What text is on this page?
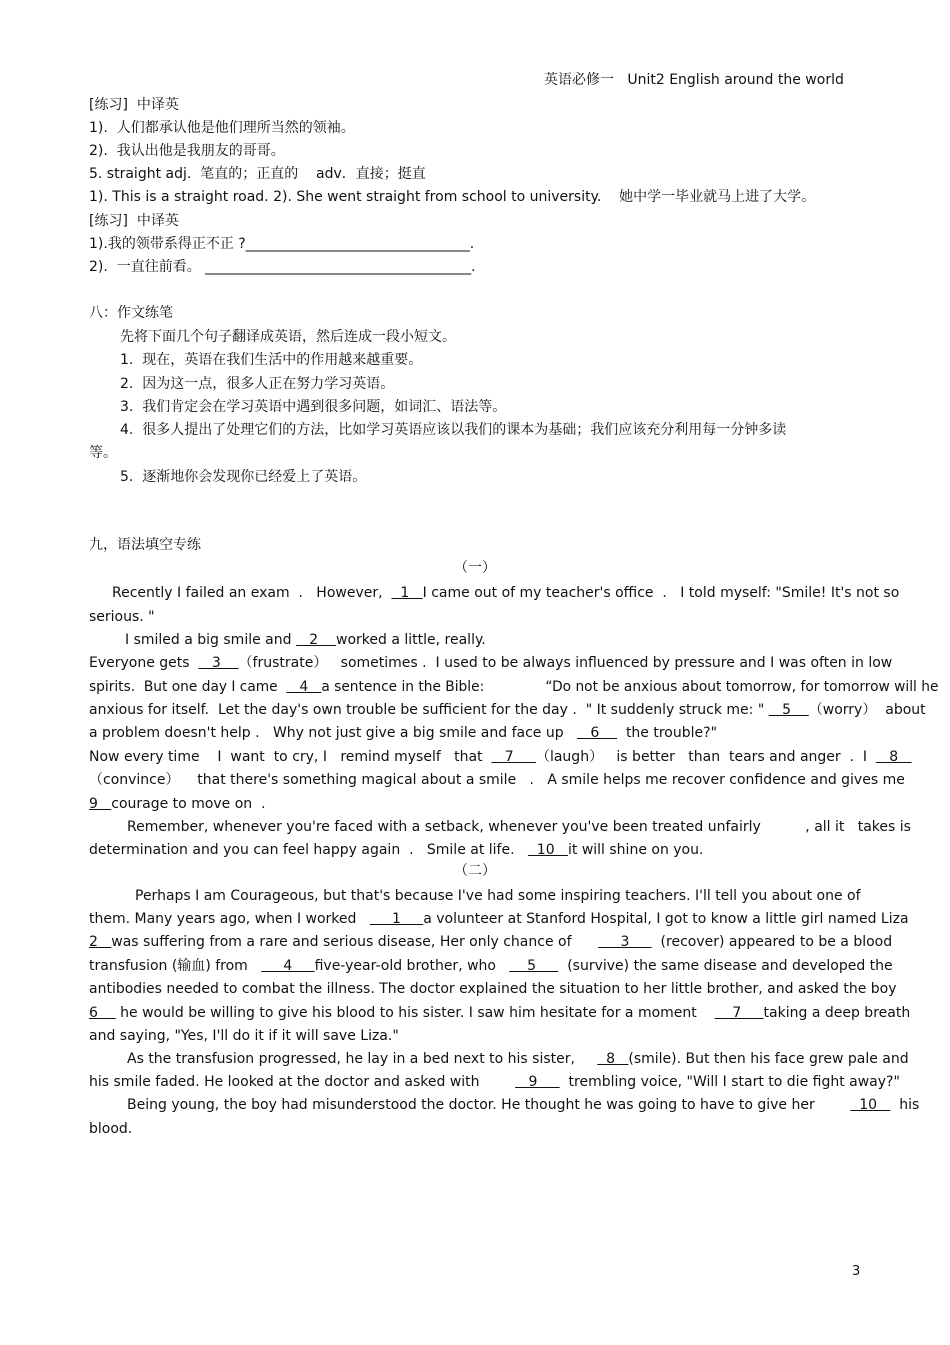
英语必修一   Unit2 English around the world
[练习]  中译英
1).  人们都承认他是他们理所当然的领袖。
2).  我认出他是我朋友的哥哥。
5. straight adj.  笔直的；正直的    adv．直接；挺直
1). This is a straight road. 2). She went straight from school to university.    她中学一毕业就马上进了大学。
[练习]  中译英
1).我的领带系得正不正 ?________________________________.
2).  一直往前看。 ______________________________________.
八：作文练笔
先将下面几个句子翻译成英语，然后连成一段小短文。
1.  现在，英语在我们生活中的作用越来越重要。
2.  因为这一点，很多人正在努力学习英语。
3.  我们肯定会在学习英语中遇到很多问题，如词汇、语法等。
4.  很多人提出了处理它们的方法，比如学习英语应该以我们的课本为基础；我们应该充分利用每一分钟多读
等。
5.  逐渐地你会发现你已经爱上了英语。
九，语法填空专练
（一）
Recently I failed an exam  .   However,    1   I came out of my teacher's office  .   I told myself: "Smile! It's not so
serious. "
I smiled a big smile and    2    worked a little, really.
Everyone gets     3    （frustrate）   sometimes .  I used to be always influenced by pressure and I was often in low
spirits.  But one day I came     4   a sentence in the Bible:              “Do not be anxious about tomorrow, for tomorrow will he
anxious for itself.  Let the day's own trouble be sufficient for the day .  " It suddenly struck me: "    5    （worry）  about
a problem doesn't help .   Why not just give a big smile and face up      6      the trouble?"
Now every time    I  want  to cry, I   remind myself   that     7     （laugh）   is better   than  tears and anger  .  I     8
（convince）    that there's something magical about a smile   .   A smile helps me recover confidence and gives me
9   courage to move on  .
Remember, whenever you're faced with a setback, whenever you've been treated unfairly          , all it   takes is
determination and you can feel happy again  .   Smile at life.     10   it will shine on you.
（二）
Perhaps I am Courageous, but that's because I've had some inspiring teachers. I'll tell you about one of
them. Many years ago, when I worked        1     a volunteer at Stanford Hospital, I got to know a little girl named Liza
2   was suffering from a rare and serious disease, Her only chance of           3       (recover) appeared to be a blood
transfusion (输血) from        4     five-year-old brother, who       5       (survive) the same disease and developed the
antibodies needed to combat the illness. The doctor explained the situation to her little brother, and asked the boy
6     he would be willing to give his blood to his sister. I saw him hesitate for a moment        7     taking a deep breath
and saying, "Yes, I'll do it if it will save Liza."
As the transfusion progressed, he lay in a bed next to his sister,       8   (smile). But then his face grew pale and
his smile faded. He looked at the doctor and asked with           9       trembling voice, "Will I start to die fight away?"
Being young, the boy had misunderstood the doctor. He thought he was going to have to give her          10     his
blood.
3
